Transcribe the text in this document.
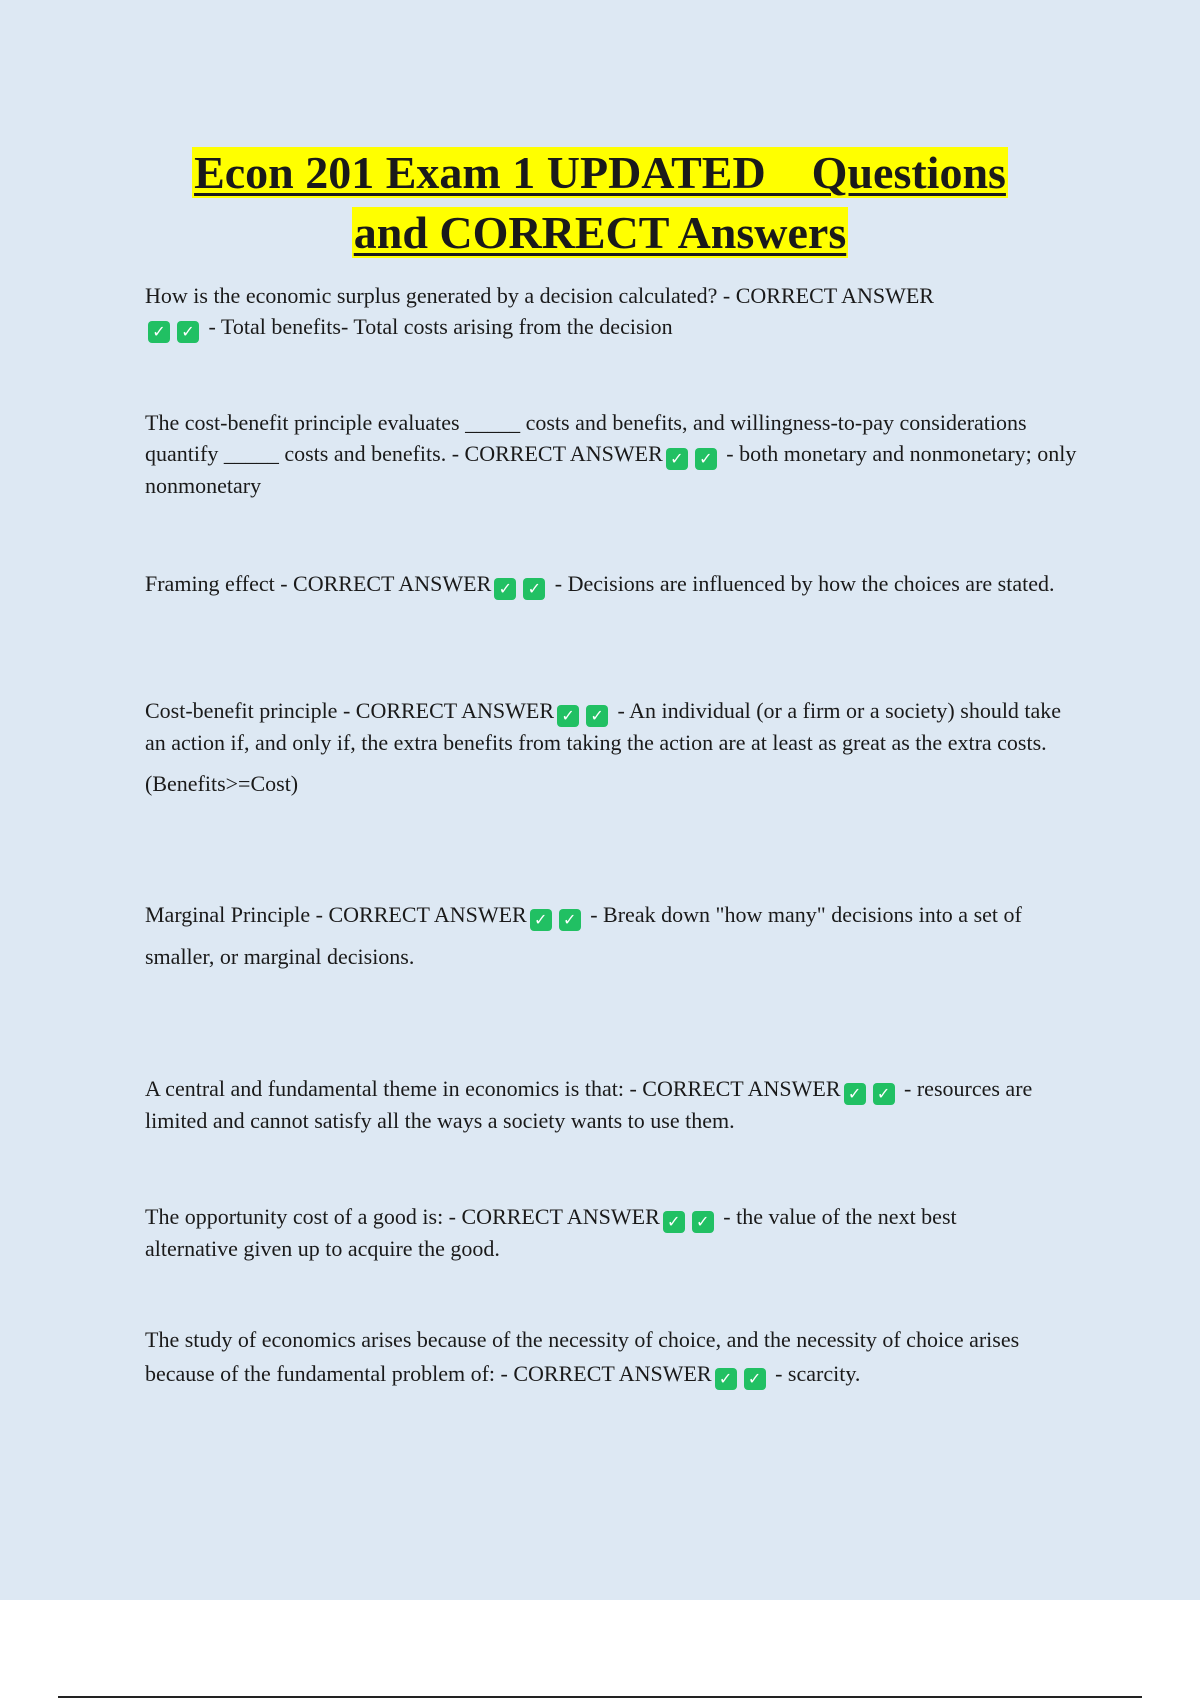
Econ 201 Exam 1 UPDATED    Questions
and CORRECT Answers

How is the economic surplus generated by a decision calculated? - CORRECT ANSWER✓ ✓ - Total benefits- Total costs arising from the decision

The cost-benefit principle evaluates _____ costs and benefits, and willingness-to-pay considerations quantify _____ costs and benefits. - CORRECT ANSWER ✓ ✓ - both monetary and nonmonetary; only nonmonetary

Framing effect - CORRECT ANSWER ✓ ✓ - Decisions are influenced by how the choices are stated.

Cost-benefit principle - CORRECT ANSWER ✓ ✓ - An individual (or a firm or a society) should take an action if, and only if, the extra benefits from taking the action are at least as great as the extra costs.

(Benefits>=Cost)

Marginal Principle - CORRECT ANSWER ✓ ✓ - Break down "how many" decisions into a set of

smaller, or marginal decisions.

A central and fundamental theme in economics is that: - CORRECT ANSWER ✓ ✓ - resources are limited and cannot satisfy all the ways a society wants to use them.

The opportunity cost of a good is: - CORRECT ANSWER ✓ ✓ - the value of the next best alternative given up to acquire the good.

The study of economics arises because of the necessity of choice, and the necessity of choice arises because of the fundamental problem of: - CORRECT ANSWER ✓ ✓ - scarcity.
